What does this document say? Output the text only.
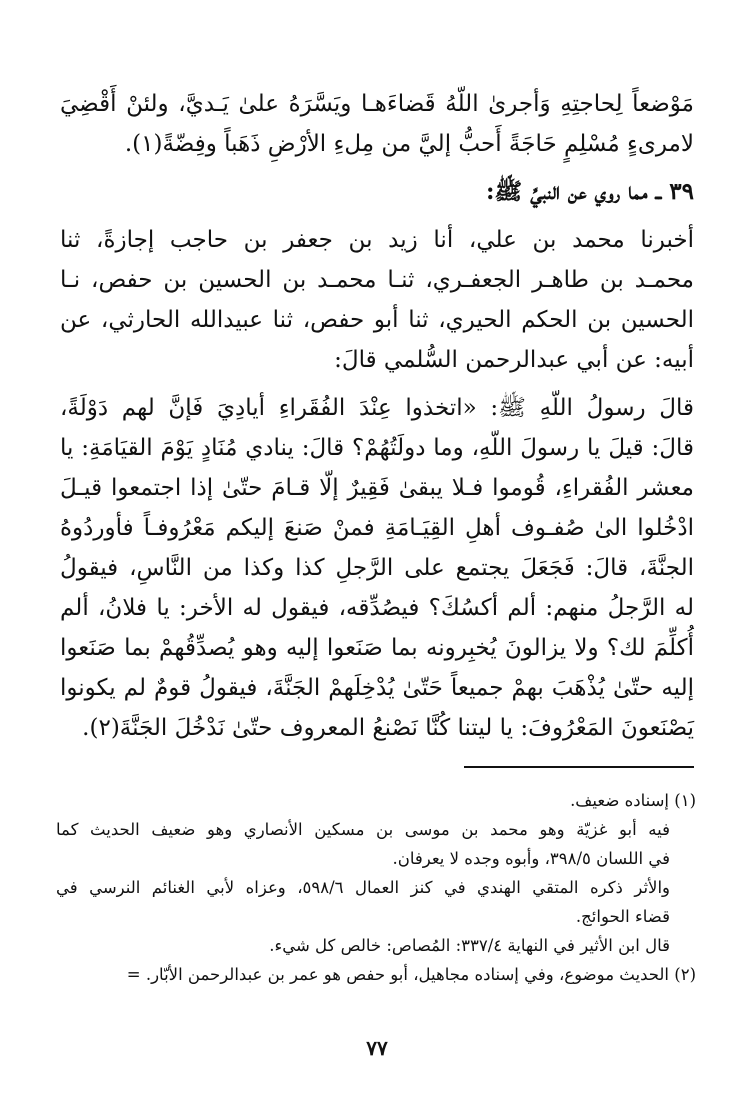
مَوْضعاً لِحاجتِهِ وَأجرىٰ اللّهُ قَضاءَهـا ويَسَّرَهُ علىٰ يَـديَّ، ولئنْ أَقْضِيَ
لامرىءٍ مُسْلِمٍ حَاجَةً أَحبُّ إليَّ من مِلءِ الأرْضِ ذَهَباً وفِضّةً(١).
٣٩ ــ مما روي عن النبيِّ ﷺ:
أخبرنا محمد بن علي، أنا زيد بن جعفر بن حاجب إجازةً، ثنا
محمـد بن طاهـر الجعفـري، ثنـا محمـد بن الحسين بن حفص، نـا
الحسين بن الحكم الحيري، ثنا أبو حفص، ثنا عبيدالله الحارثي، عن
أبيه: عن أبي عبدالرحمن السُّلمي قالَ:
قالَ رسولُ اللّهِ ﷺ: «اتخذوا عِنْدَ الفُقَراءِ أيادِيَ فَإنَّ لهم دَوْلَةً،
قالَ: قيلَ يا رسولَ اللّهِ، وما دولَتُهُمْ؟ قالَ: ينادي مُنَادٍ يَوْمَ القيَامَةِ: يا
معشر الفُقراءِ، قُوموا فـلا يبقىٰ فَقِيرٌ إلّا قـامَ حتّىٰ إذا اجتمعوا قيـلَ
ادْخُلوا الىٰ صُفـوف أهلِ القِيَـامَةِ فمنْ صَنعَ إليكم مَعْرُوفـاً فأوردُوهُ
الجنَّةَ، قالَ: فَجَعَلَ يجتمع على الرَّجلِ كذا وكذا من النَّاسِ، فيقولُ
له الرَّجلُ منهم: ألم أكسُكَ؟ فيصُدِّقه، فيقول له الأخر: يا فلانُ، ألم
أُكلِّمَ لك؟ ولا يزالونَ يُخبِرونه بما صَنَعوا إليه وهو يُصدِّقُهمْ بما صَنَعوا
إليه حتّىٰ يُذْهَبَ بهمْ جميعاً حَتّىٰ يُدْخِلَهمْ الجَنَّةَ، فيقولُ قومٌ لم يكونوا
يَصْنَعونَ المَعْرُوفَ: يا ليتنا كُنَّا نَصْنعُ المعروف حتّىٰ نَدْخُلَ الجَنَّةَ(٢).
(١) إسناده ضعيف.
فيه أبو غزيّة وهو محمد بن موسى بن مسكين الأنصاري وهو ضعيف الحديث كما
في اللسان ٣٩٨/٥، وأبوه وجده لا يعرفان.
والأثر ذكره المتقي الهندي في كنز العمال ٥٩٨/٦، وعزاه لأبي الغنائم النرسي في
قضاء الحوائج.
قال ابن الأثير في النهاية ٣٣٧/٤: المُصاص: خالص كل شيء.
(٢) الحديث موضوع، وفي إسناده مجاهيل، أبو حفص هو عمر بن عبدالرحمن الأبّار. =
٧٧
